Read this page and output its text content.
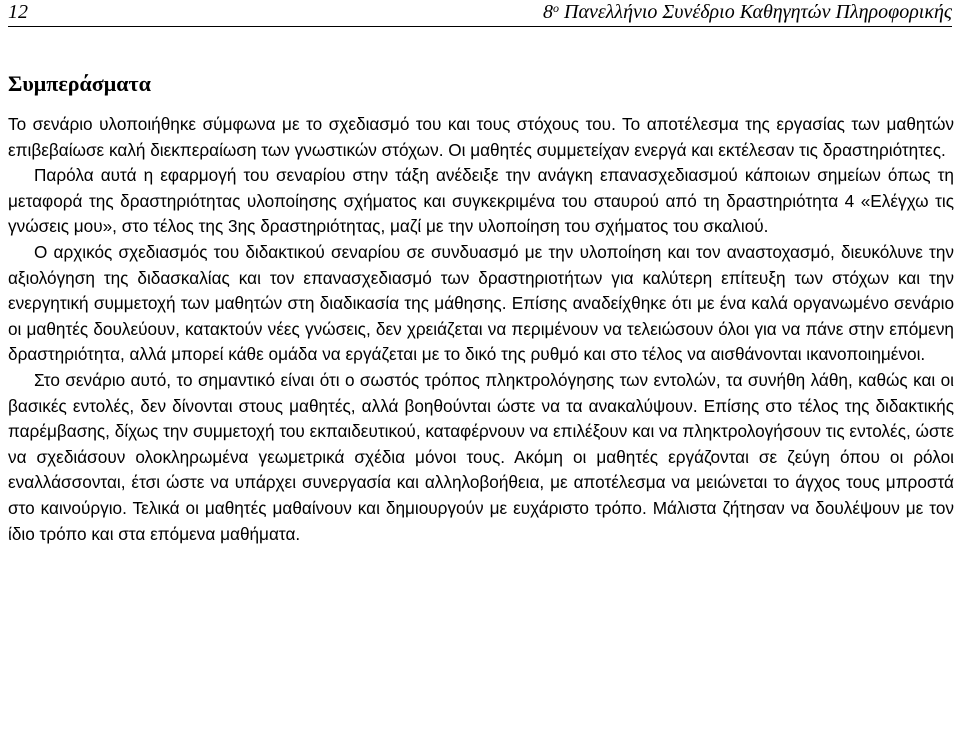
12	8$^o$ Πανελλήνιο Συνέδριο Καθηγητών Πληροφορικής
Συμπεράσματα

Το σενάριο υλοποιήθηκε σύμφωνα με το σχεδιασμό του και τους στόχους του. Το αποτέλεσμα της εργασίας των μαθητών επιβεβαίωσε καλή διεκπεραίωση των γνωστικών στόχων. Οι μαθητές συμμετείχαν ενεργά και εκτέλεσαν τις δραστηριότητες.

Παρόλα αυτά η εφαρμογή του σεναρίου στην τάξη ανέδειξε την ανάγκη επανασχεδιασμού κάποιων σημείων όπως τη μεταφορά της δραστηριότητας υλοποίησης σχήματος και συγκεκριμένα του σταυρού από τη δραστηριότητα 4 «Ελέγχω τις γνώσεις μου», στο τέλος της 3ης δραστηριότητας, μαζί με την υλοποίηση του σχήματος του σκαλιού.

Ο αρχικός σχεδιασμός του διδακτικού σεναρίου σε συνδυασμό με την υλοποίηση και τον αναστοχασμό, διευκόλυνε την αξιολόγηση της διδασκαλίας και τον επανασχεδιασμό των δραστηριοτήτων για καλύτερη επίτευξη των στόχων και την ενεργητική συμμετοχή των μαθητών στη διαδικασία της μάθησης. Επίσης αναδείχθηκε ότι με ένα καλά οργανωμένο σενάριο οι μαθητές δουλεύουν, κατακτούν νέες γνώσεις, δεν χρειάζεται να περιμένουν να τελειώσουν όλοι για να πάνε στην επόμενη δραστηριότητα, αλλά μπορεί κάθε ομάδα να εργάζεται με το δικό της ρυθμό και στο τέλος να αισθάνονται ικανοποιημένοι.

Στο σενάριο αυτό, το σημαντικό είναι ότι ο σωστός τρόπος πληκτρολόγησης των εντολών, τα συνήθη λάθη, καθώς και οι βασικές εντολές, δεν δίνονται στους μαθητές, αλλά βοηθούνται ώστε να τα ανακαλύψουν. Επίσης στο τέλος της διδακτικής παρέμβασης, δίχως την συμμετοχή του εκπαιδευτικού, καταφέρνουν να επιλέξουν και να πληκτρολογήσουν τις εντολές, ώστε να σχεδιάσουν ολοκληρωμένα γεωμετρικά σχέδια μόνοι τους. Ακόμη οι μαθητές εργάζονται σε ζεύγη όπου οι ρόλοι εναλλάσσονται, έτσι ώστε να υπάρχει συνεργασία και αλληλοβοήθεια, με αποτέλεσμα να μειώνεται το άγχος τους μπροστά στο καινούργιο. Τελικά οι μαθητές μαθαίνουν και δημιουργούν με ευχάριστο τρόπο. Μάλιστα ζήτησαν να δουλέψουν με τον ίδιο τρόπο και στα επόμενα μαθήματα.
